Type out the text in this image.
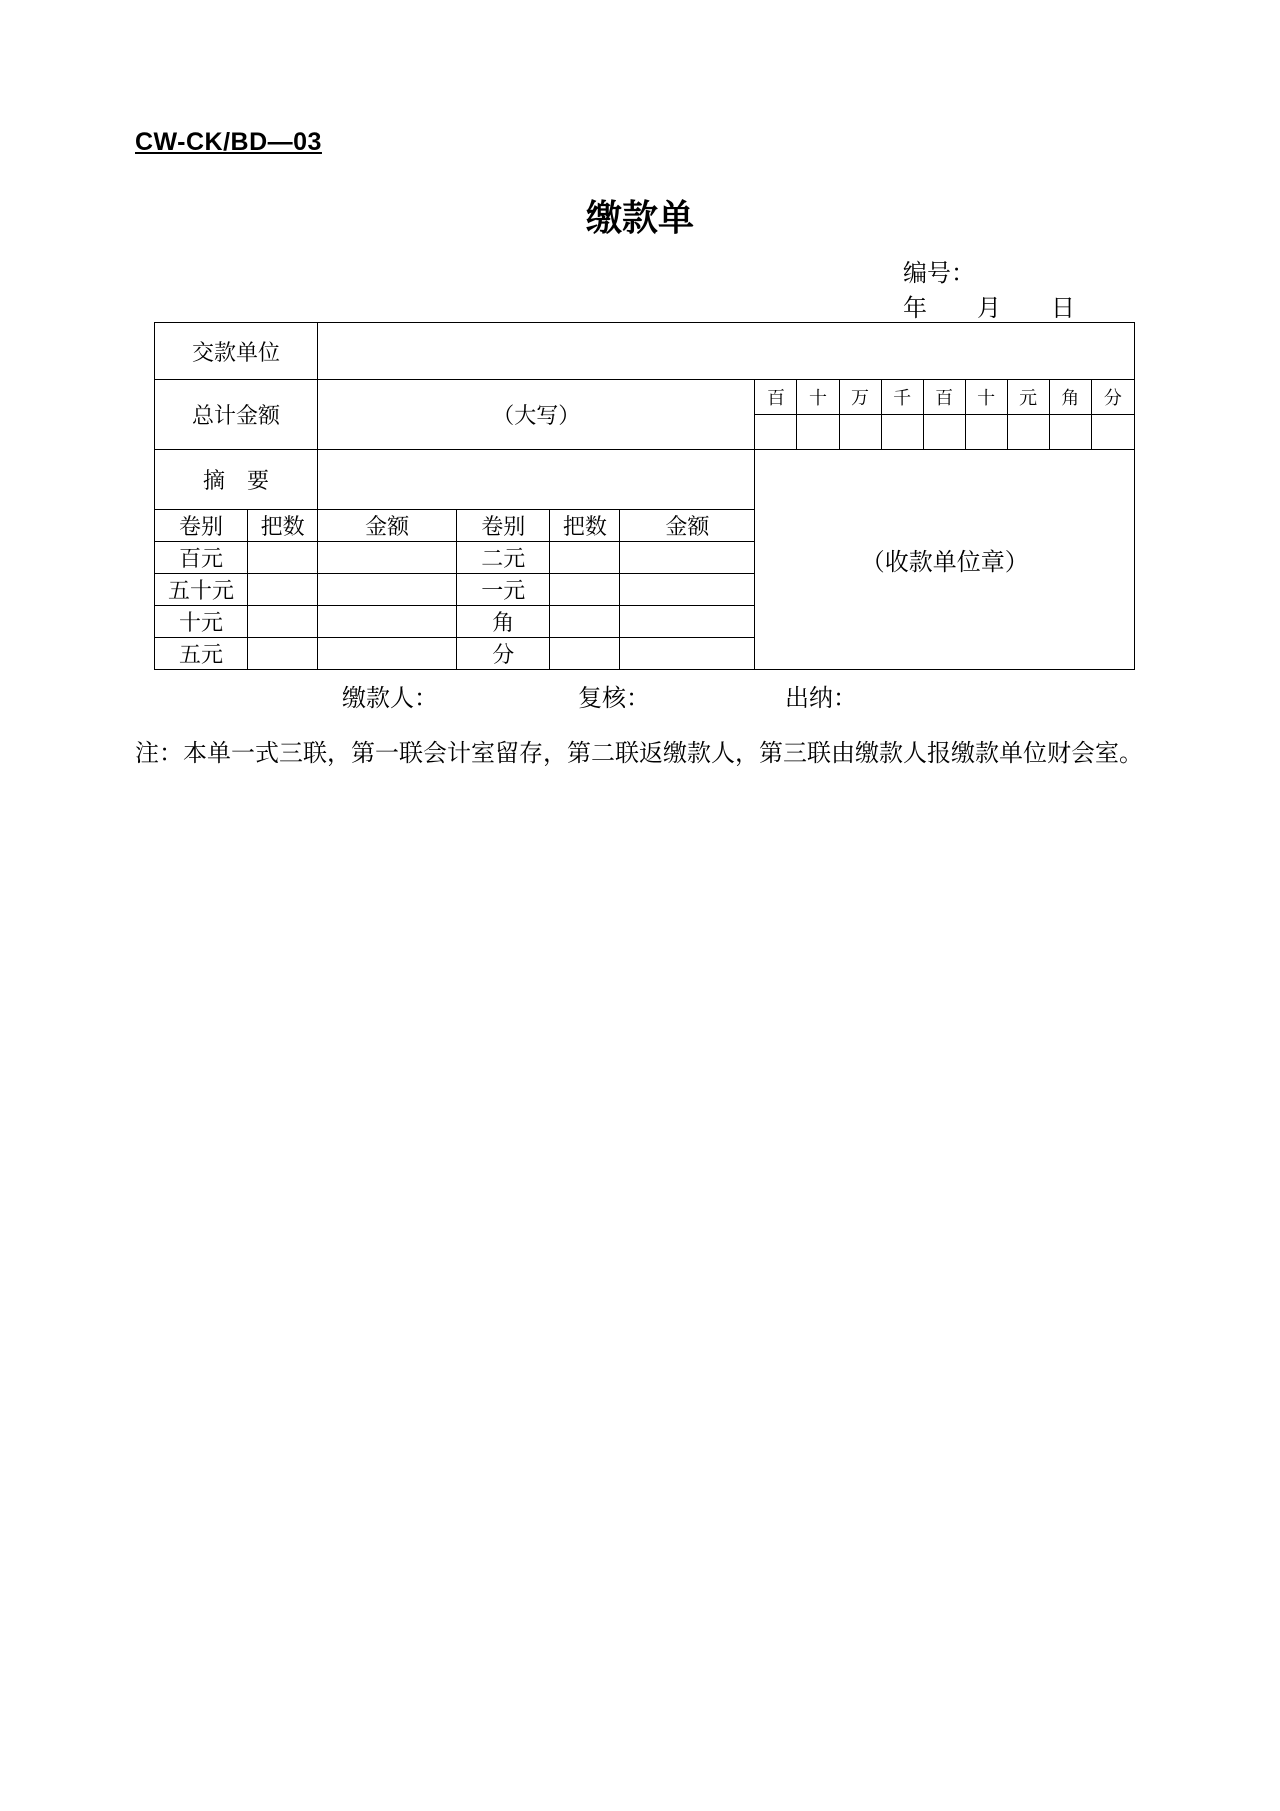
CW-CK/BD—03
缴款单
编号：
年 月 日
交款单位														
总计金额		（大写）				百	十	万	千	百	十	元	角	分

摘　要						（收款单位章）								
卷别	把数	金额	卷别	把数	金额									
百元			二元											
五十元			一元											
十元			角											
五元			分											
缴款人：	复核：	出纳：
注：本单一式三联，第一联会计室留存，第二联返缴款人，第三联由缴款人报缴款单位财会室。
